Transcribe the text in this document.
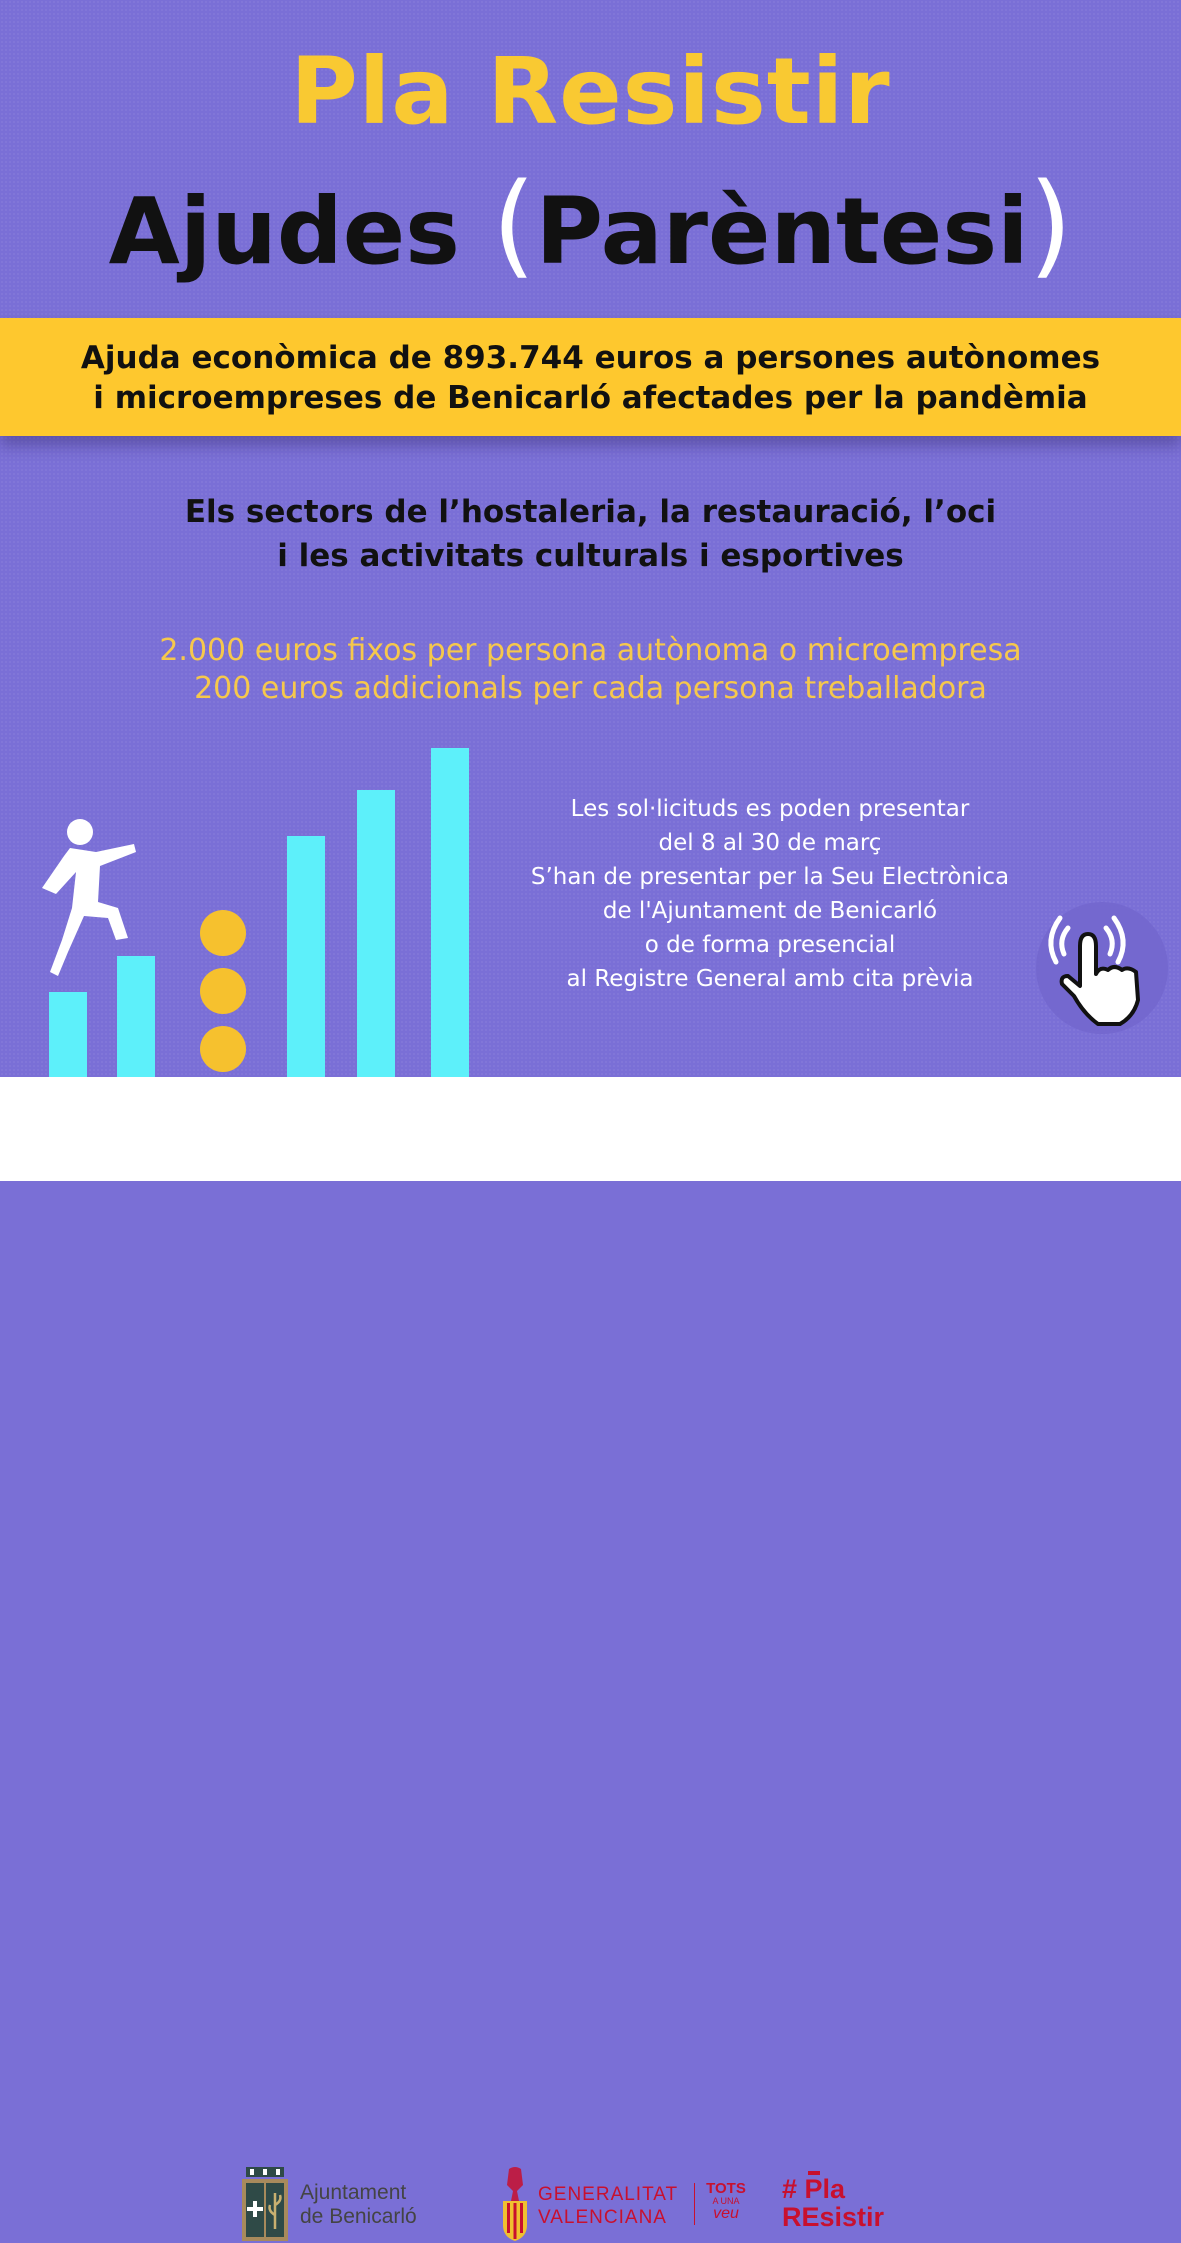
Pla Resistir
Ajudes (Parèntesi)
Ajuda econòmica de 893.744 euros a persones autònomes
i microempreses de Benicarló afectades per la pandèmia
Els sectors de l’hostaleria, la restauració, l’oci
i les activitats culturals i esportives
2.000 euros fixos per persona autònoma o microempresa
200 euros addicionals per cada persona treballadora
Les sol·licituds es poden presentar
del 8 al 30 de març
S’han de presentar per la Seu Electrònica
de l'Ajuntament de Benicarló
o de forma presencial
al Registre General amb cita prèvia
Ajuntament
de Benicarló
GENERALITAT
VALENCIANA
TOTS
A UNA
veu
# Pla
REsistir
